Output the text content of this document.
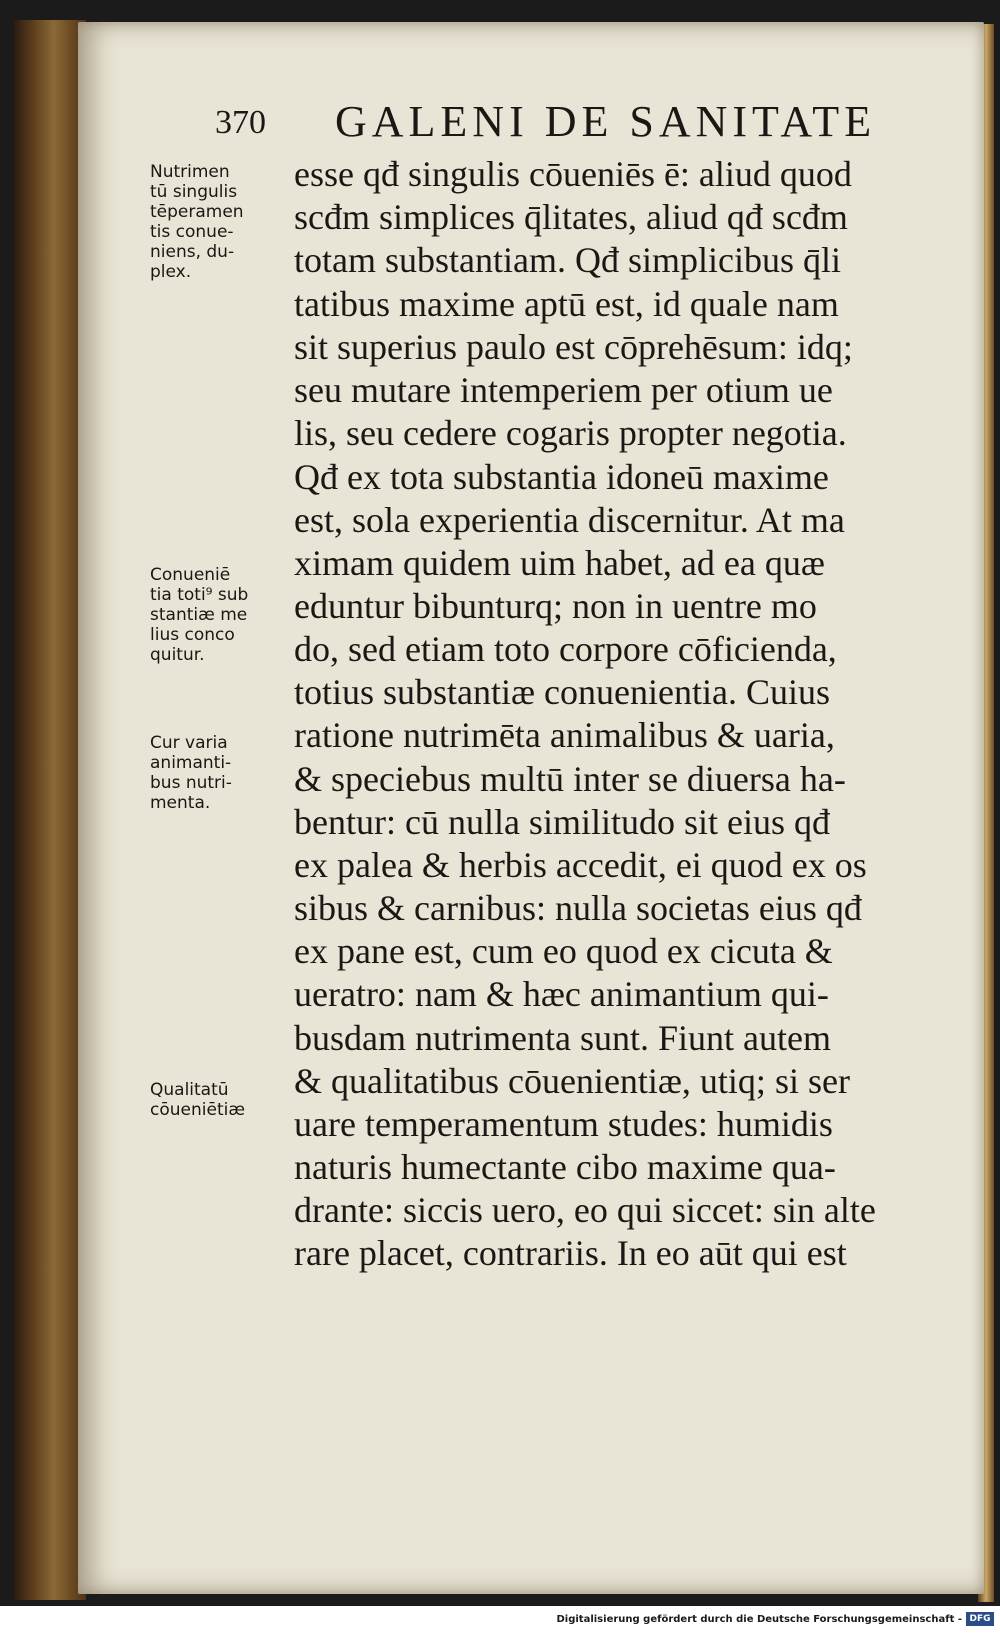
370 GALENI DE SANITATE
esse qđ singulis cōueniēs ē: aliud quod
scđm simplices q̄litates, aliud qđ scđm
totam substantiam. Qđ simplicibus q̄li
tatibus maxime aptū est, id quale nam
sit superius paulo est cōprehēsum: idq;
seu mutare intemperiem per otium ue
lis, seu cedere cogaris propter negotia.
Qđ ex tota substantia idoneū maxime
est, sola experientia discernitur. At ma
ximam quidem uim habet, ad ea quæ
eduntur bibunturq; non in uentre mo
do, sed etiam toto corpore cōficienda,
totius substantiæ conuenientia. Cuius
ratione nutrimēta animalibus & uaria,
& speciebus multū inter se diuersa ha-
bentur: cū nulla similitudo sit eius qđ
ex palea & herbis accedit, ei quod ex os
sibus & carnibus: nulla societas eius qđ
ex pane est, cum eo quod ex cicuta &
ueratro: nam & hæc animantium qui-
busdam nutrimenta sunt. Fiunt autem
& qualitatibus cōuenientiæ, utiq; si ser
uare temperamentum studes: humidis
naturis humectante cibo maxime qua-
drante: siccis uero, eo qui siccet: sin alte
rare placet, contrariis. In eo aūt qui est
Nutrimen
tū singulis
tēperamen
tis conue-
niens, du-
plex.
Conueniē
tia toti⁹ sub
stantiæ me
lius conco
quitur.
Cur varia
animanti-
bus nutri-
menta.
Qualitatū
cōueniētiæ
Digitalisierung gefördert durch die Deutsche Forschungsgemeinschaft - DFG
